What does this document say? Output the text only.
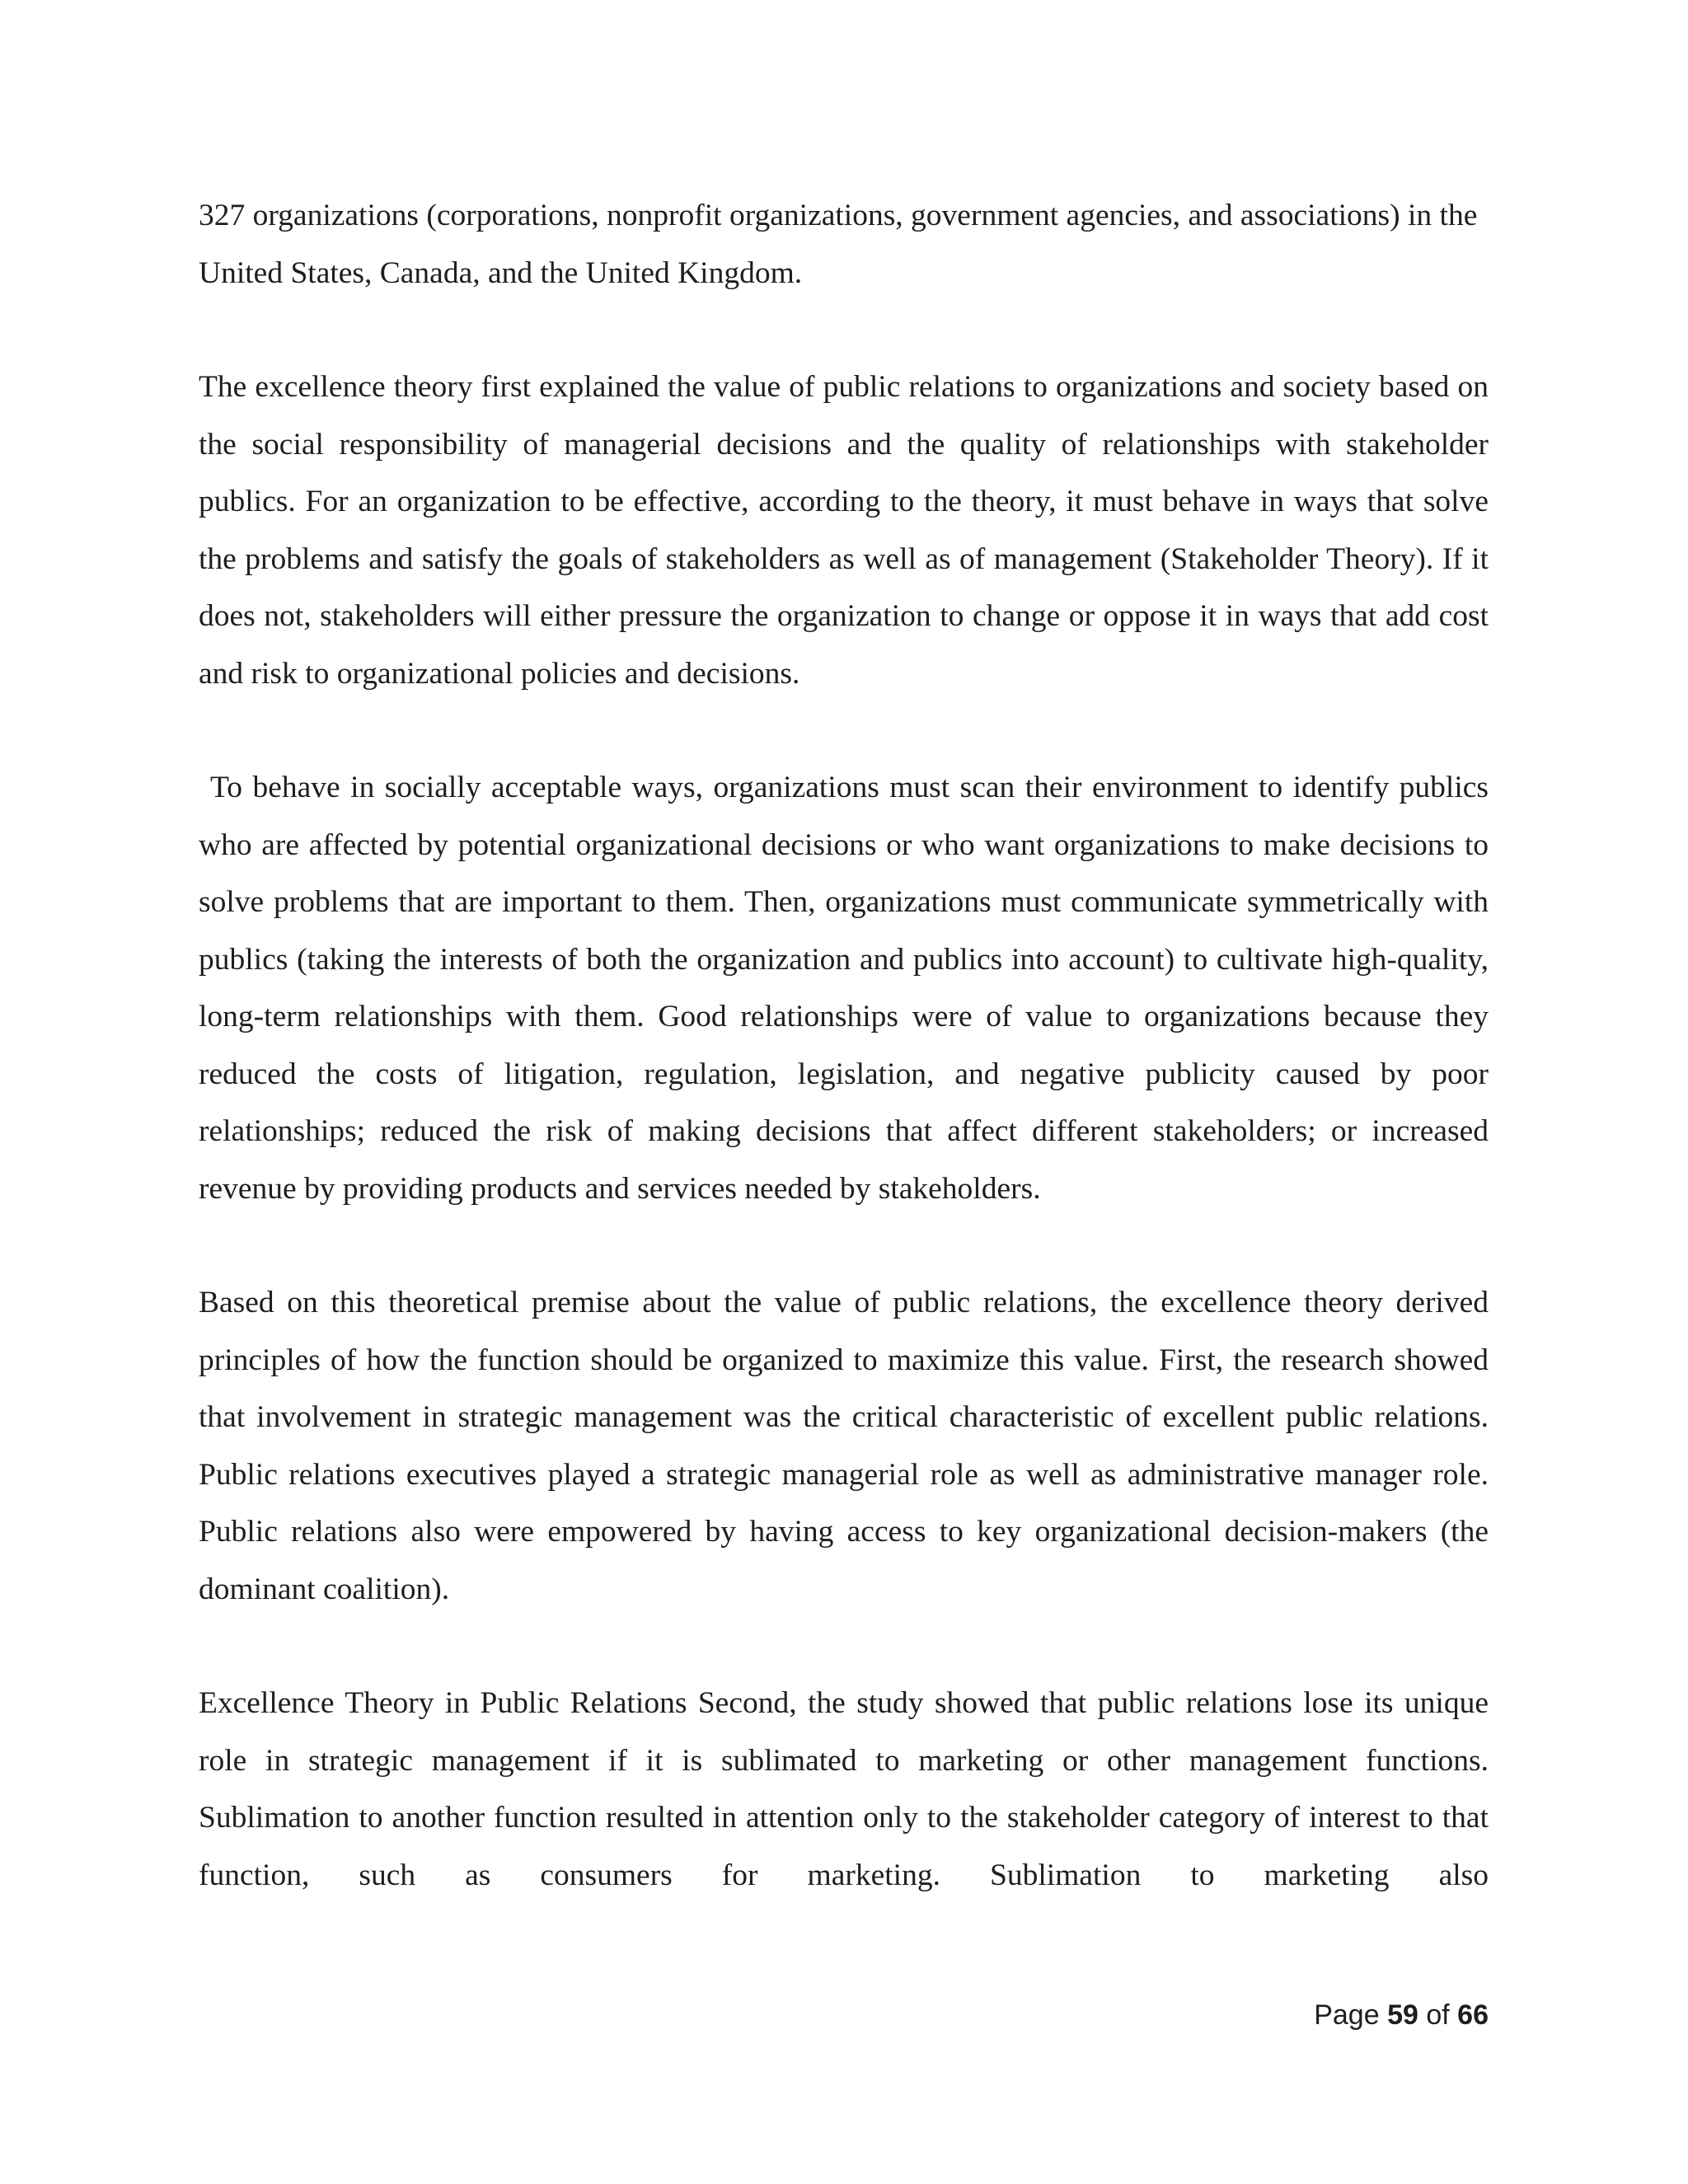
327 organizations (corporations, nonprofit organizations, government agencies, and associations) in the United States, Canada, and the United Kingdom.

The excellence theory first explained the value of public relations to organizations and society based on the social responsibility of managerial decisions and the quality of relationships with stakeholder publics. For an organization to be effective, according to the theory, it must behave in ways that solve the problems and satisfy the goals of stakeholders as well as of management (Stakeholder Theory). If it does not, stakeholders will either pressure the organization to change or oppose it in ways that add cost and risk to organizational policies and decisions.

To behave in socially acceptable ways, organizations must scan their environment to identify publics who are affected by potential organizational decisions or who want organizations to make decisions to solve problems that are important to them. Then, organizations must communicate symmetrically with publics (taking the interests of both the organization and publics into account) to cultivate high-quality, long-term relationships with them. Good relationships were of value to organizations because they reduced the costs of litigation, regulation, legislation, and negative publicity caused by poor relationships; reduced the risk of making decisions that affect different stakeholders; or increased revenue by providing products and services needed by stakeholders.

Based on this theoretical premise about the value of public relations, the excellence theory derived principles of how the function should be organized to maximize this value. First, the research showed that involvement in strategic management was the critical characteristic of excellent public relations. Public relations executives played a strategic managerial role as well as administrative manager role. Public relations also were empowered by having access to key organizational decision-makers (the dominant coalition).

Excellence Theory in Public Relations Second, the study showed that public relations lose its unique role in strategic management if it is sublimated to marketing or other management functions. Sublimation to another function resulted in attention only to the stakeholder category of interest to that function, such as consumers for marketing. Sublimation to marketing also

Page 59 of 66
